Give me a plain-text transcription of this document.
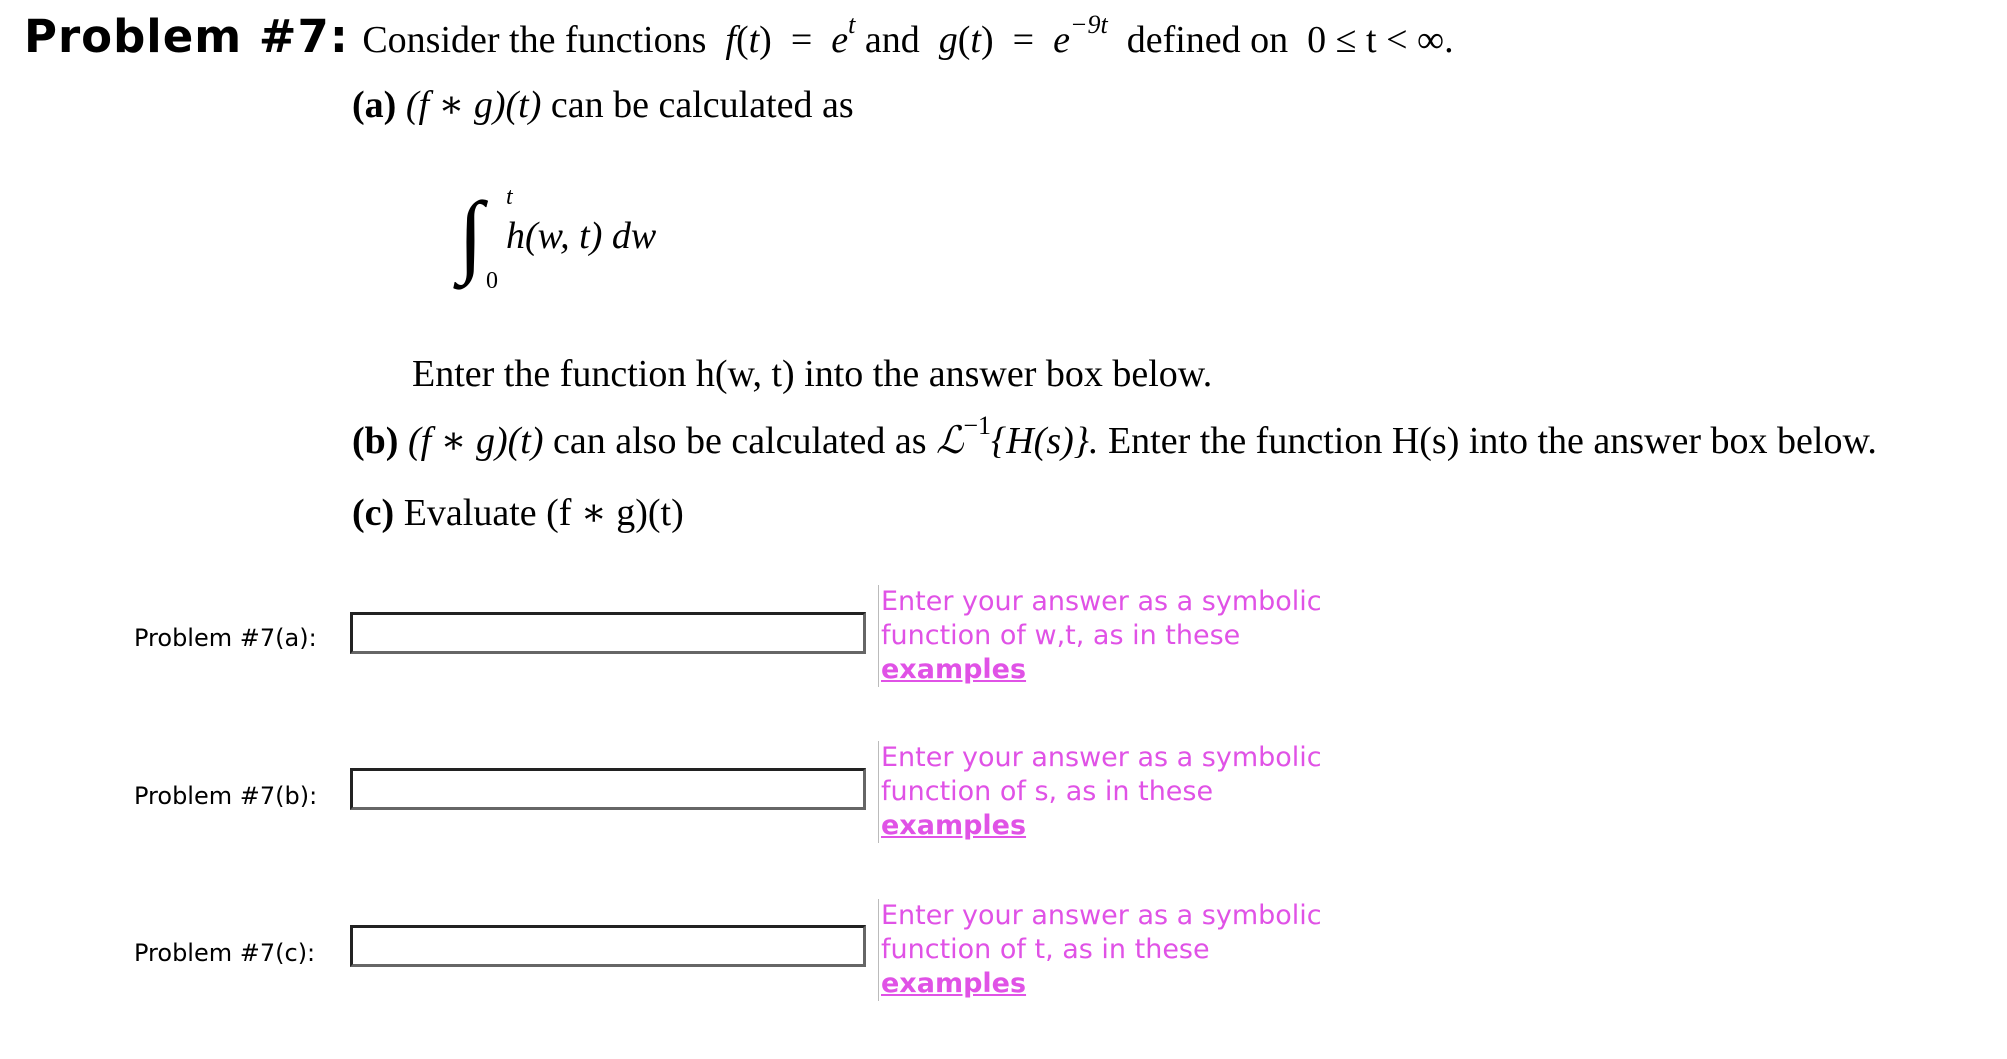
Problem #7: Consider the functions $f(t) = e^t$ and $g(t) = e^{-9t}$ defined on 0 ≤ t < ∞.
(a) (f ∗ g)(t) can be calculated as
∫ t
0
h(w, t) dw
Enter the function h(w, t) into the answer box below.
(b) (f ∗ g)(t) can also be calculated as ℒ$^{-1}${H(s)}. Enter the function H(s) into the answer box below.
(c) Evaluate (f ∗ g)(t)
Problem #7(a):
Enter your answer as a symbolic function of w,t, as in these
examples
Problem #7(b):
Enter your answer as a symbolic function of s, as in these
examples
Problem #7(c):
Enter your answer as a symbolic function of t, as in these
examples
